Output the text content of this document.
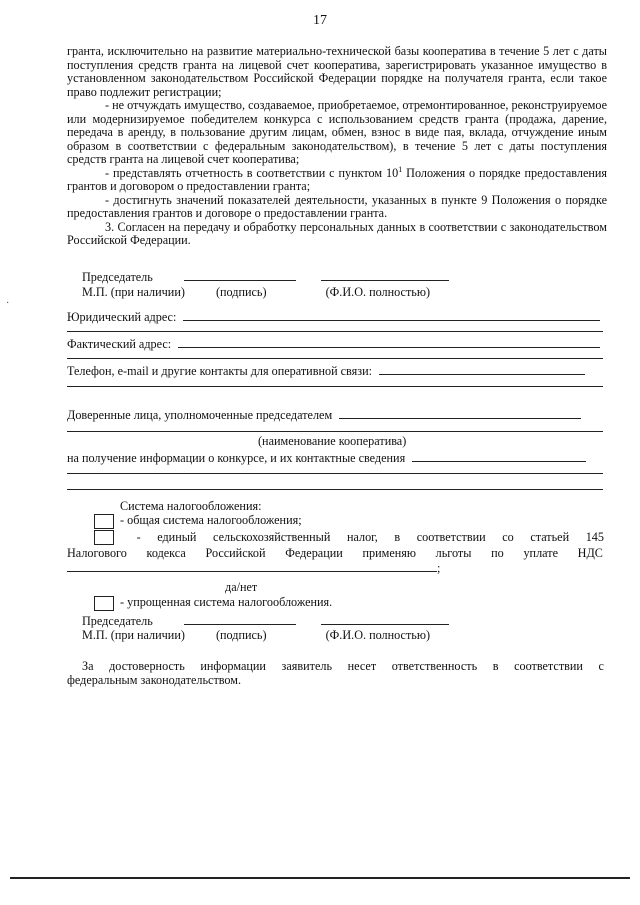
17
·

гранта, исключительно на развитие материально-технической базы кооператива в течение 5 лет с даты поступления средств гранта на лицевой счет кооператива, зарегистрировать указанное имущество в установленном законодательством Российской Федерации порядке на получателя гранта, если такое право подлежит регистрации;

- не отчуждать имущество, создаваемое, приобретаемое, отремонтированное, реконструируемое или модернизируемое победителем конкурса с использованием средств гранта (продажа, дарение, передача в аренду, в пользование другим лицам, обмен, взнос в виде пая, вклада, отчуждение иным образом в соответствии с федеральным законодательством), в течение 5 лет с даты поступления средств гранта на лицевой счет кооператива;

- представлять отчетность в соответствии с пунктом $10^1$ Положения о порядке предоставления грантов и договором о предоставлении гранта;

- достигнуть значений показателей деятельности, указанных в пункте 9 Положения о порядке предоставления грантов и договоре о предоставлении гранта.

3. Согласен на передачу и обработку персональных данных в соответствии с законодательством Российской Федерации.

Председатель
М.П. (при наличии)	(подпись)	(Ф.И.О. полностью)
Юридический адрес:
Фактический адрес:
Телефон, e-mail и другие контакты для оперативной связи:
Доверенные лица, уполномоченные председателем
(наименование кооператива)
на получение информации о конкурсе, и их контактные сведения
Система налогообложения:
- общая система налогообложения;
- единый сельскохозяйственный налог, в соответствии со статьей 145
Налогового кодекса Российской Федерации применяю льготы по уплате НДС
;
да/нет
- упрощенная система налогообложения.
Председатель
М.П. (при наличии)	(подпись)	(Ф.И.О. полностью)
За достоверность информации заявитель несет ответственность в соответствии с
федеральным законодательством.
